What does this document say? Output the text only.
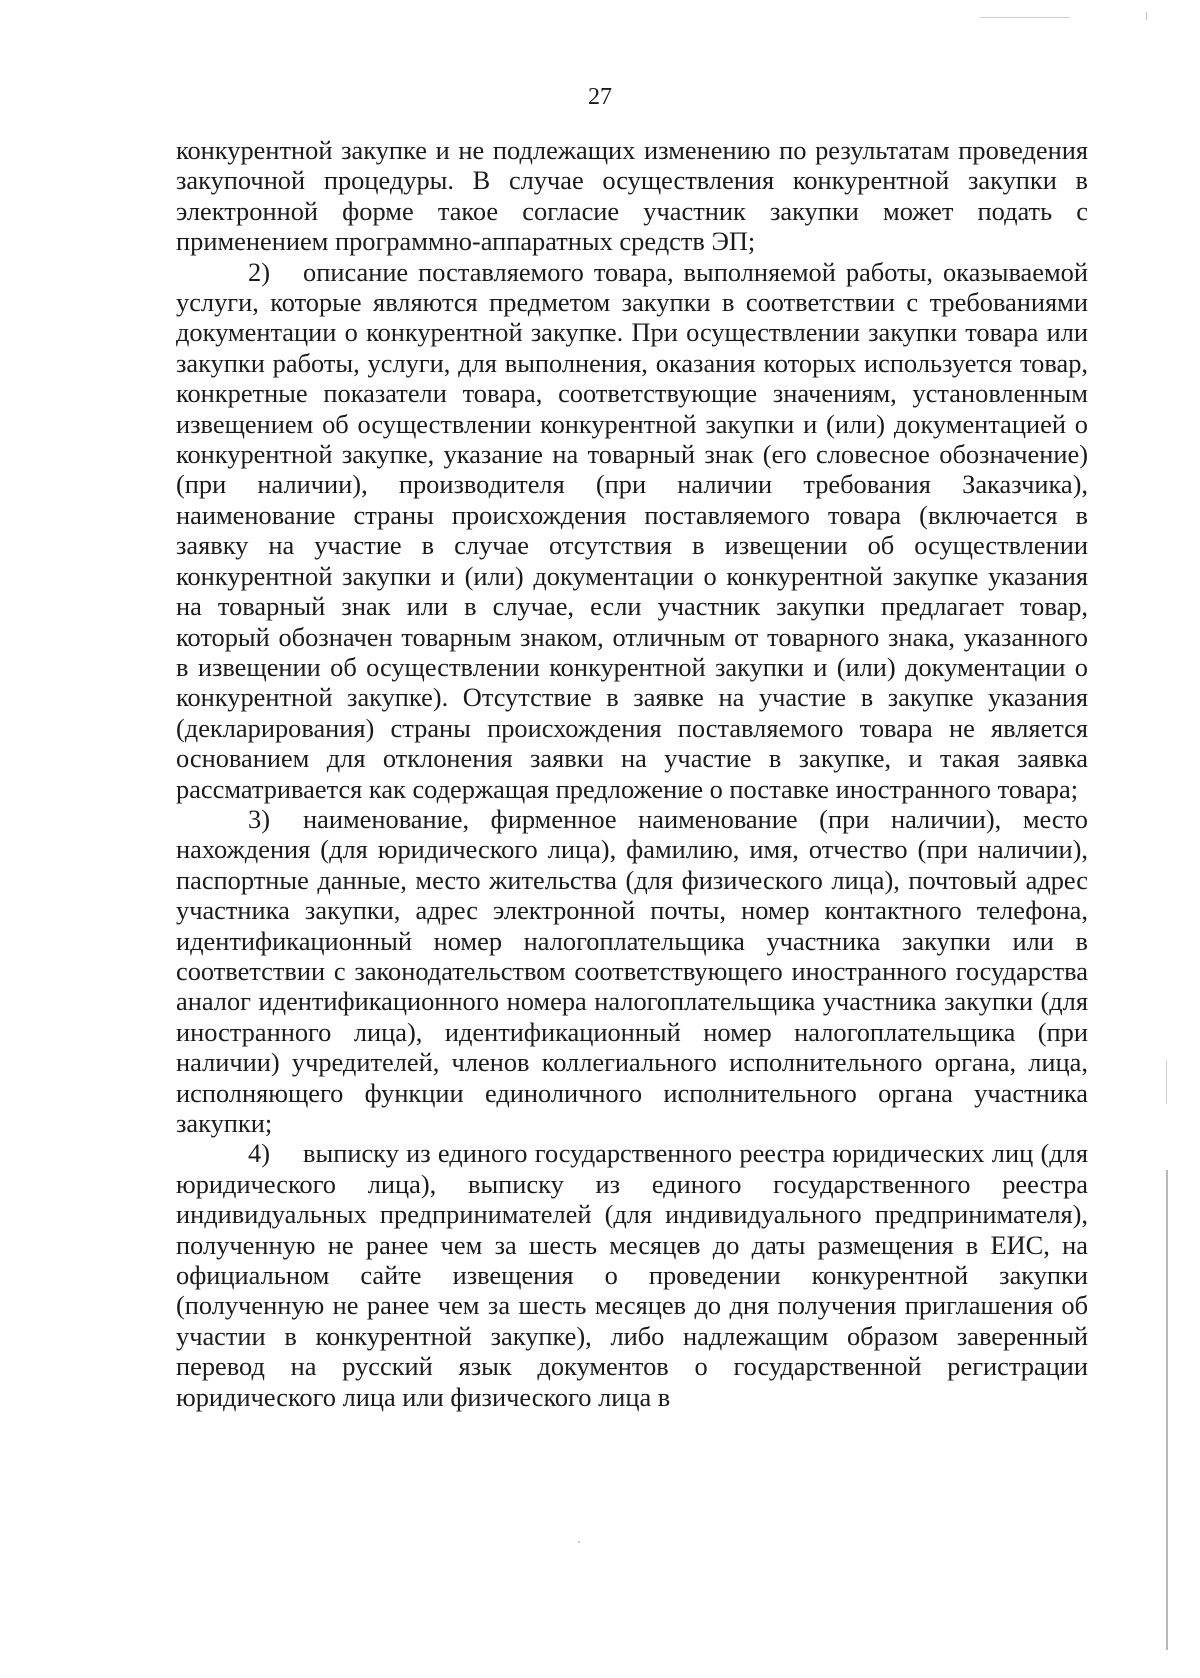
27

конкурентной закупке и не подлежащих изменению по результатам проведения закупочной процедуры. В случае осуществления конкурентной закупки в электронной форме такое согласие участник закупки может подать с применением программно-аппаратных средств ЭП;

2) описание поставляемого товара, выполняемой работы, оказываемой услуги, которые являются предметом закупки в соответствии с требованиями документации о конкурентной закупке. При осуществлении закупки товара или закупки работы, услуги, для выполнения, оказания которых используется товар, конкретные показатели товара, соответствующие значениям, установленным извещением об осуществлении конкурентной закупки и (или) документацией о конкурентной закупке, указание на товарный знак (его словесное обозначение) (при наличии), производителя (при наличии требования Заказчика), наименование страны происхождения поставляемого товара (включается в заявку на участие в случае отсутствия в извещении об осуществлении конкурентной закупки и (или) документации о конкурентной закупке указания на товарный знак или в случае, если участник закупки предлагает товар, который обозначен товарным знаком, отличным от товарного знака, указанного в извещении об осуществлении конкурентной закупки и (или) документации о конкурентной закупке). Отсутствие в заявке на участие в закупке указания (декларирования) страны происхождения поставляемого товара не является основанием для отклонения заявки на участие в закупке, и такая заявка рассматривается как содержащая предложение о поставке иностранного товара;

3) наименование, фирменное наименование (при наличии), место нахождения (для юридического лица), фамилию, имя, отчество (при наличии), паспортные данные, место жительства (для физического лица), почтовый адрес участника закупки, адрес электронной почты, номер контактного телефона, идентификационный номер налогоплательщика участника закупки или в соответствии с законодательством соответствующего иностранного государства аналог идентификационного номера налогоплательщика участника закупки (для иностранного лица), идентификационный номер налогоплательщика (при наличии) учредителей, членов коллегиального исполнительного органа, лица, исполняющего функции единоличного исполнительного органа участника закупки;

4) выписку из единого государственного реестра юридических лиц (для юридического лица), выписку из единого государственного реестра индивидуальных предпринимателей (для индивидуального предпринимателя), полученную не ранее чем за шесть месяцев до даты размещения в ЕИС, на официальном сайте извещения о проведении конкурентной закупки (полученную не ранее чем за шесть месяцев до дня получения приглашения об участии в конкурентной закупке), либо надлежащим образом заверенный перевод на русский язык документов о государственной регистрации юридического лица или физического лица в
